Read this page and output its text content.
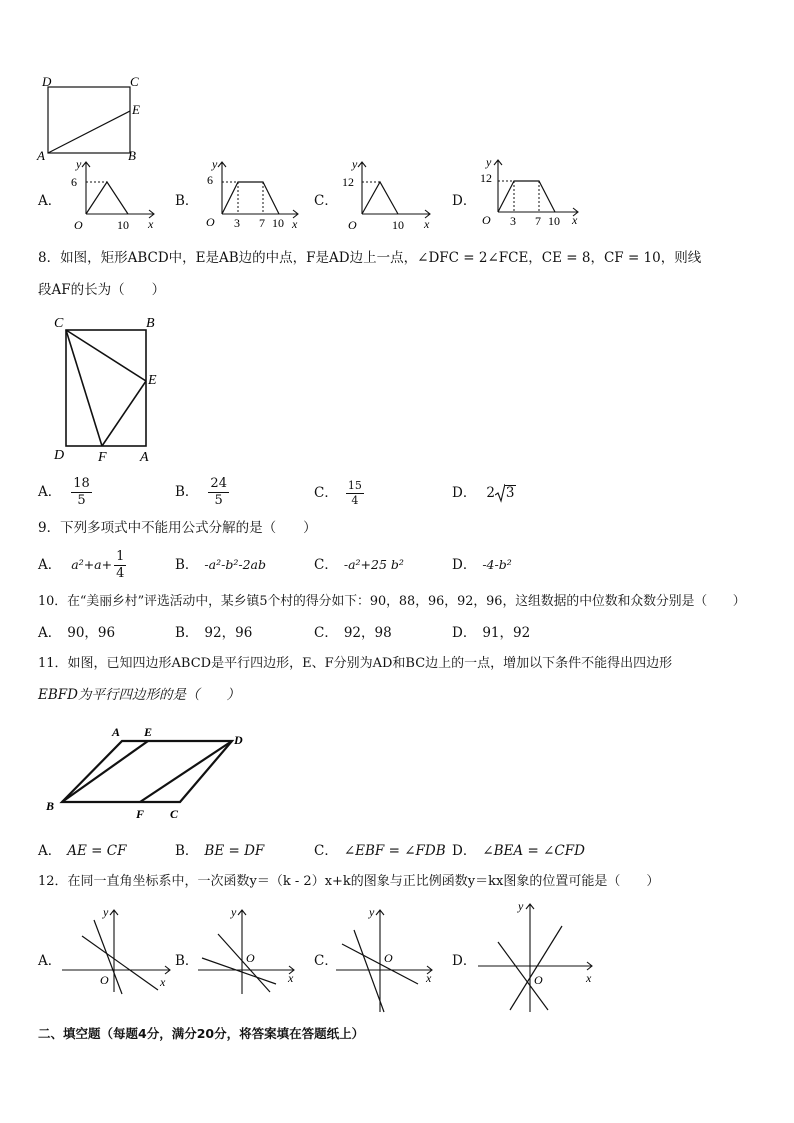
D	C
E
A	B
A．
6
10
y
x
O
B．
6
3 7 10
y
x
O
C．
12
10
y
x
O
D．
12
3 7 10
y
x
O
8．如图，矩形ABCD中，E是AB边的中点，F是AD边上一点，∠DFC = 2∠FCE，CE = 8，CF = 10，则线
段AF的长为（　　）
C	B
E
D F A
A． $\frac{18}{5}$	B． $\frac{24}{5}$	C． $\frac{15}{4}$	D． 2 3
9．下列多项式中不能用公式分解的是（　　）
A． $a^2+a+ \frac{1}{4}$	B． -a²-b²-2ab	C． -a²+25 b²	D． -4-b²
10．在“美丽乡村”评选活动中，某乡镇5个村的得分如下：90，88，96，92，96，这组数据的中位数和众数分别是（　　）
A． 90，96	B． 92，96	C． 92，98	D． 91，92
11．如图，已知四边形ABCD是平行四边形，E、F分别为AD和BC边上的一点，增加以下条件不能得出四边形
EBFD为平行四边形的是（　　）
A E
D
B
F C
A． AE = CF	B． BE = DF	C． ∠EBF = ∠FDB D． ∠BEA = ∠CFD
12．在同一直角坐标系中，一次函数y＝（k - 2）x+k的图象与正比例函数y＝kx图象的位置可能是（　　）
A．
y
x
O
B．
y
x
O	C．
y
x
O	D．
y
x
O
二、填空题（每题4分，满分20分，将答案填在答题纸上）
